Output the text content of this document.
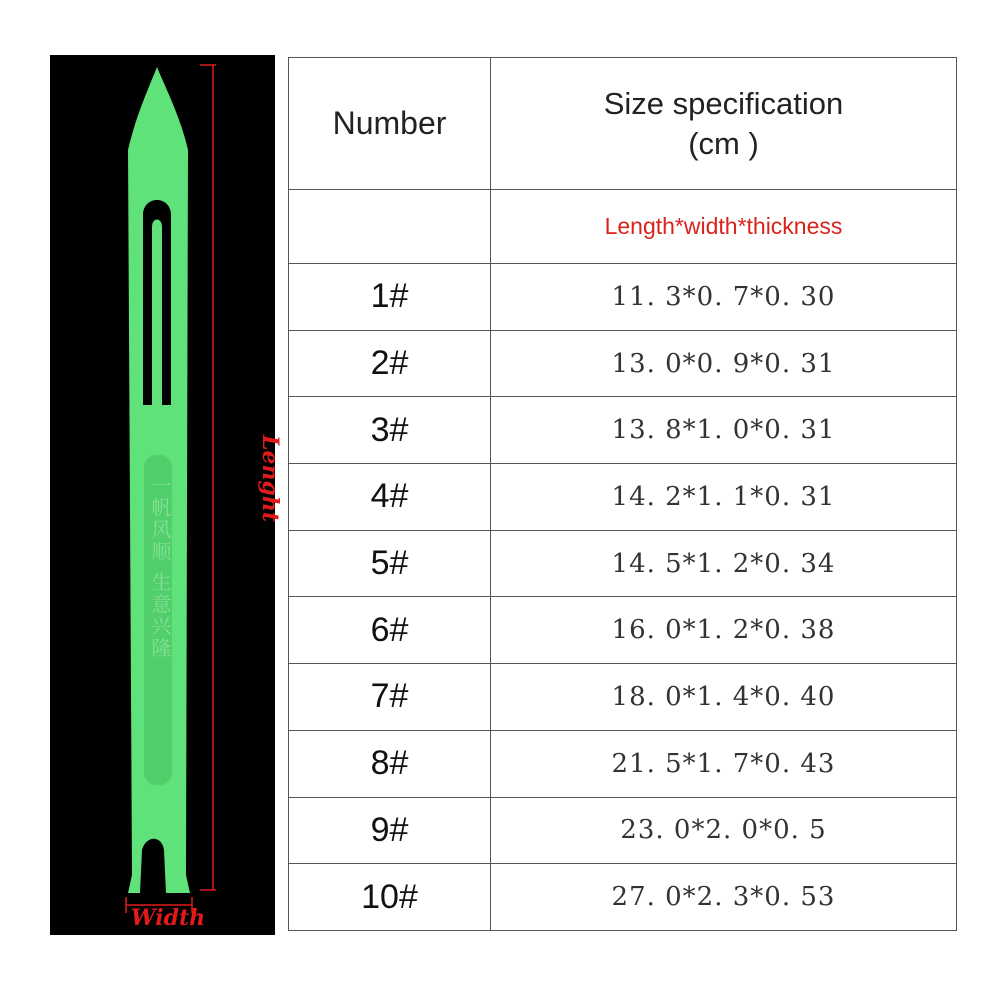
一帆风顺 生意兴隆	Lenght
Width
Number	Size specification
(cm )

	Length*width*thickness
1#	11. 3*0. 7*0. 30
2#	13. 0*0. 9*0. 31
3#	13. 8*1. 0*0. 31
4#	14. 2*1. 1*0. 31
5#	14. 5*1. 2*0. 34
6#	16. 0*1. 2*0. 38
7#	18. 0*1. 4*0. 40
8#	21. 5*1. 7*0. 43
9#	23. 0*2. 0*0. 5
10#	27. 0*2. 3*0. 53
